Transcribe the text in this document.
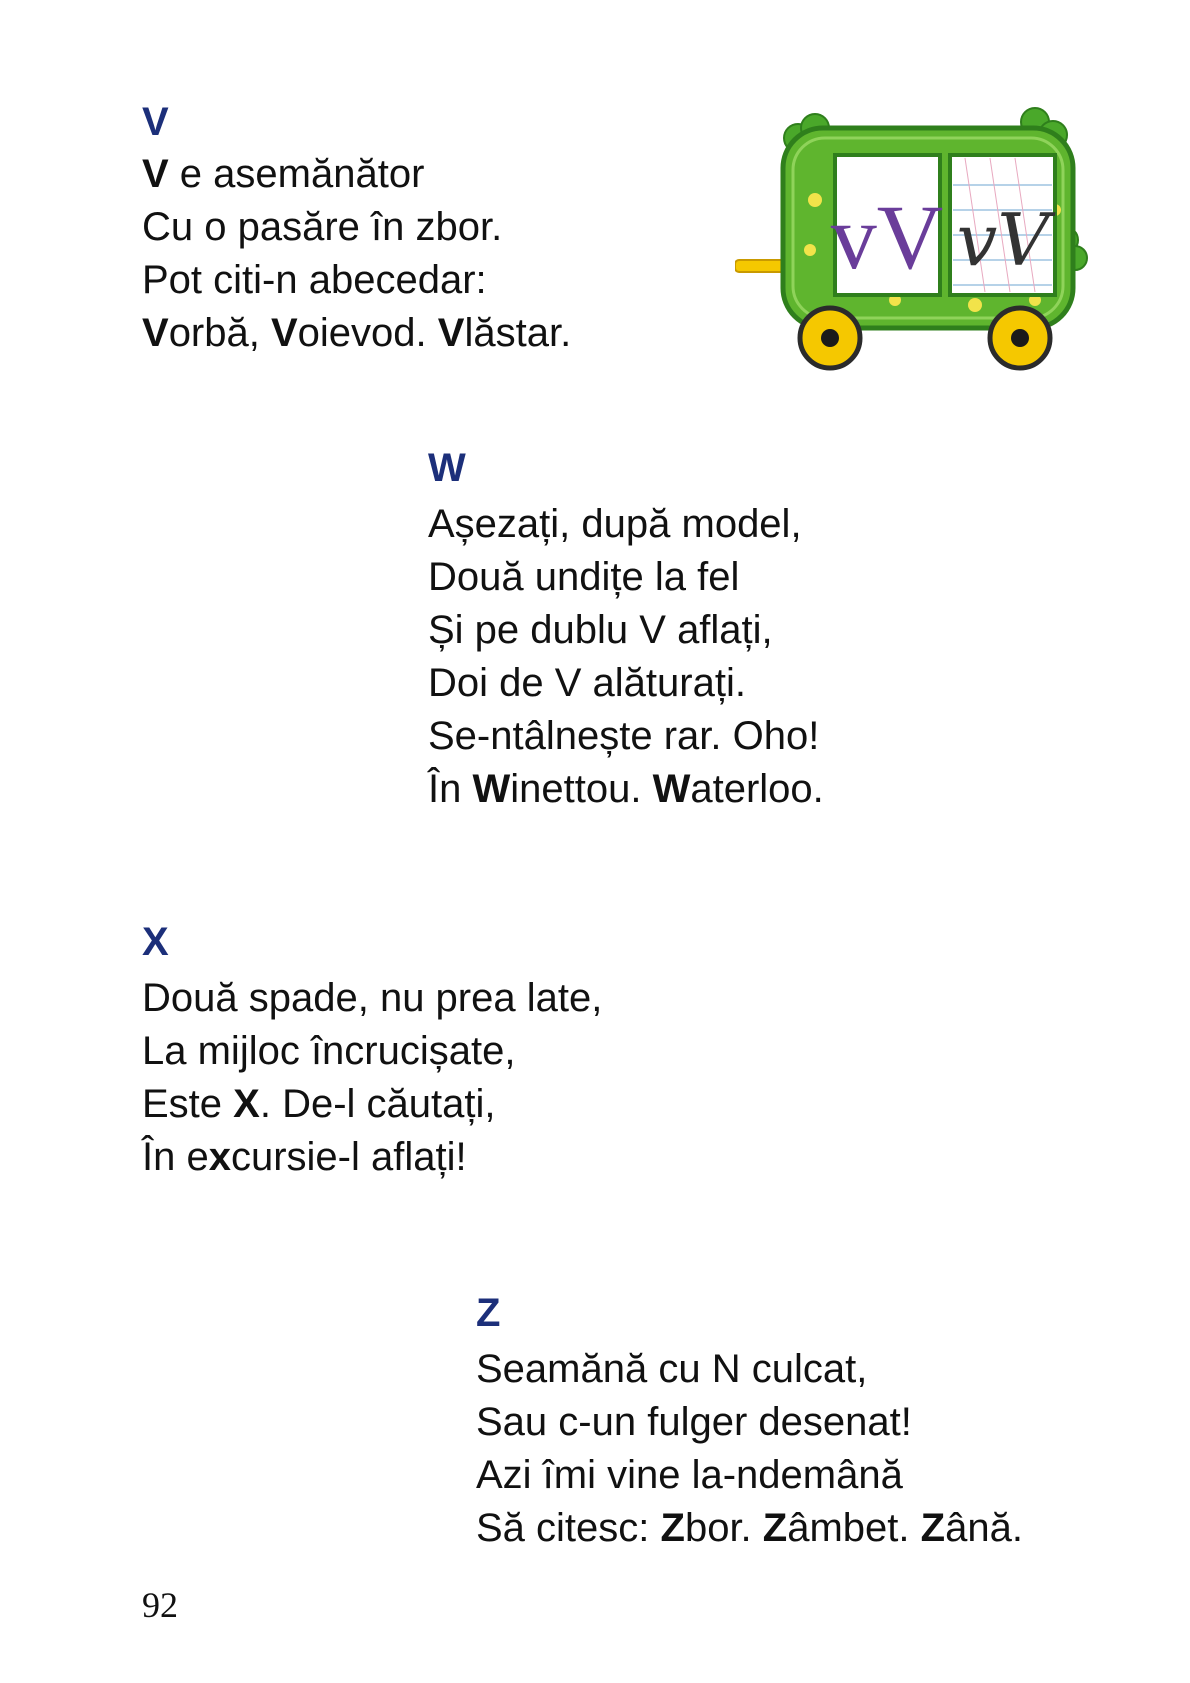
vV vV
V
V e asemănător
Cu o pasăre în zbor.
Pot citi-n abecedar:
Vorbă, Voievod. Vlăstar.
W
Așezați, după model,
Două undițe la fel
Și pe dublu V aflați,
Doi de V alăturați.
Se-ntâlnește rar. Oho!
În Winettou. Waterloo.
X
Două spade, nu prea late,
La mijloc încrucișate,
Este X. De-l căutați,
În excursie-l aflați!
Z
Seamănă cu N culcat,
Sau c-un fulger desenat!
Azi îmi vine la-ndemână
Să citesc: Zbor. Zâmbet. Zână.

92
